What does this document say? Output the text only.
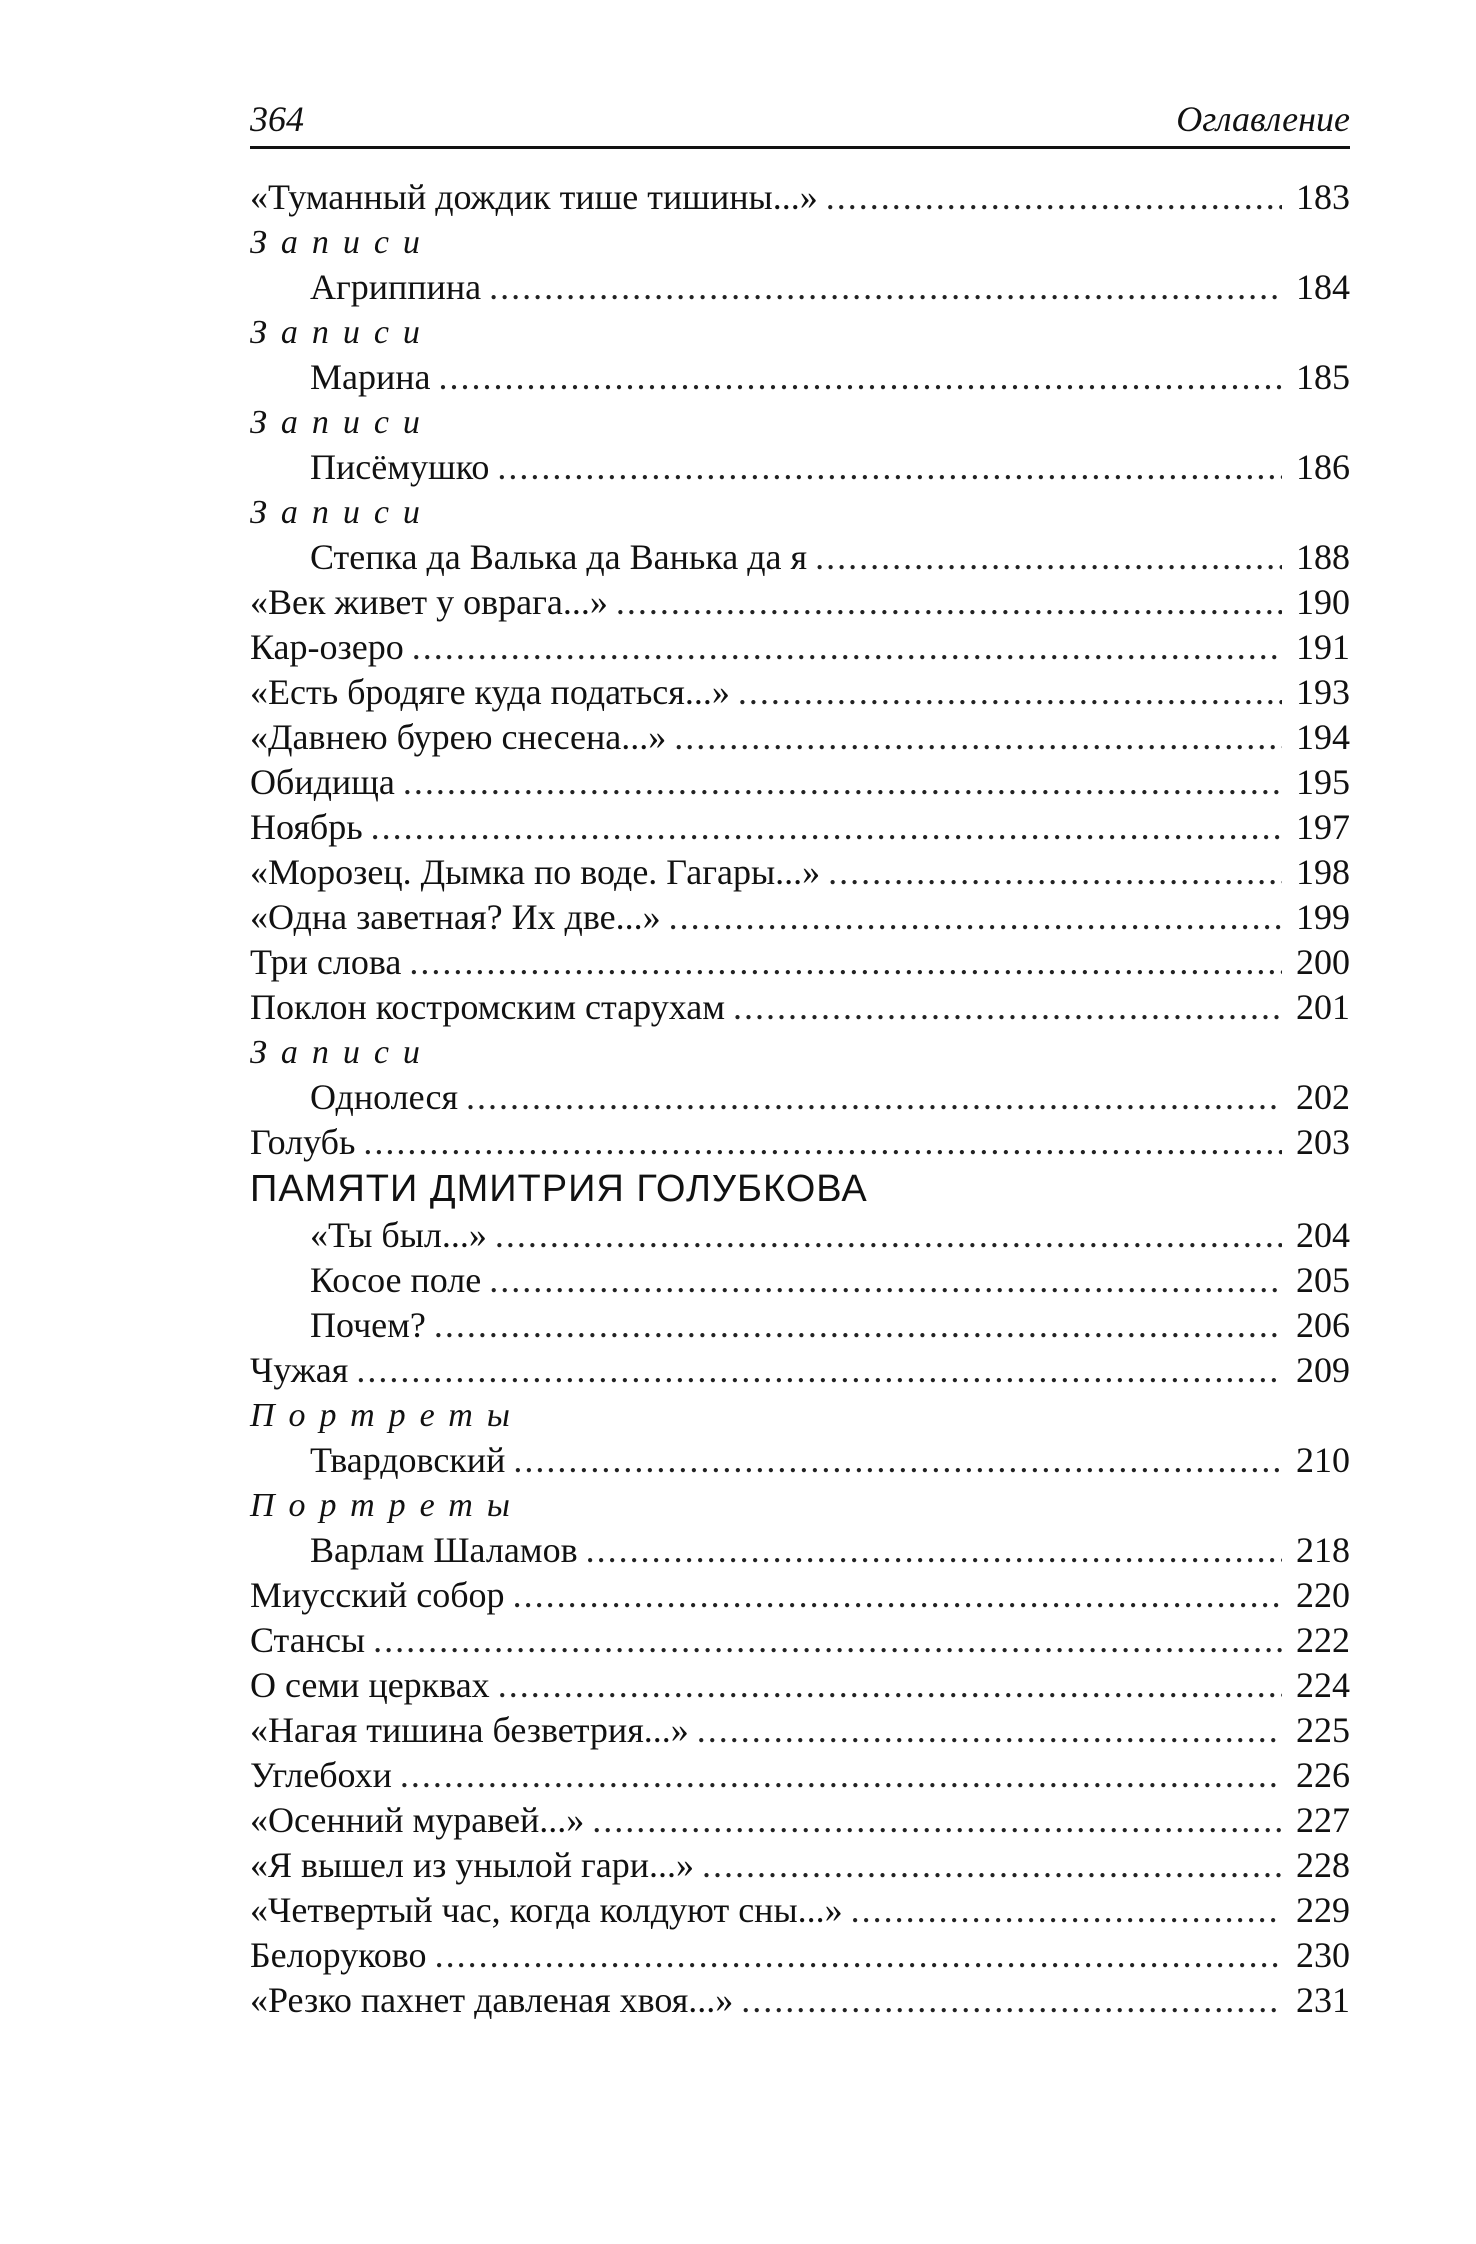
364	Оглавление
«Туманный дождик тише тишины...» .....	183
Записи
Агриппина .....	184
Записи
Марина .....	185
Записи
Писёмушко .....	186
Записи
Степка да Валька да Ванька да я .....	188
«Век живет у оврага...» .....	190
Кар-озеро .....	191
«Есть бродяге куда податься...» .....	193
«Давнею бурею снесена...» .....	194
Обидища .....	195
Ноябрь .....	197
«Морозец. Дымка по воде. Гагары...» .....	198
«Одна заветная? Их две...» .....	199
Три слова .....	200
Поклон костромским старухам .....	201
Записи
Однолеся .....	202
Голубь .....	203
ПАМЯТИ ДМИТРИЯ ГОЛУБКОВА
«Ты был...» .....	204
Косое поле .....	205
Почем? .....	206
Чужая .....	209
Портреты
Твардовский .....	210
Портреты
Варлам Шаламов .....	218
Миусский собор .....	220
Стансы .....	222
О семи церквах .....	224
«Нагая тишина безветрия...» .....	225
Углебохи .....	226
«Осенний муравей...» .....	227
«Я вышел из унылой гари...» .....	228
«Четвертый час, когда колдуют сны...» .....	229
Белоруково .....	230
«Резко пахнет давленая хвоя...» .....	231
